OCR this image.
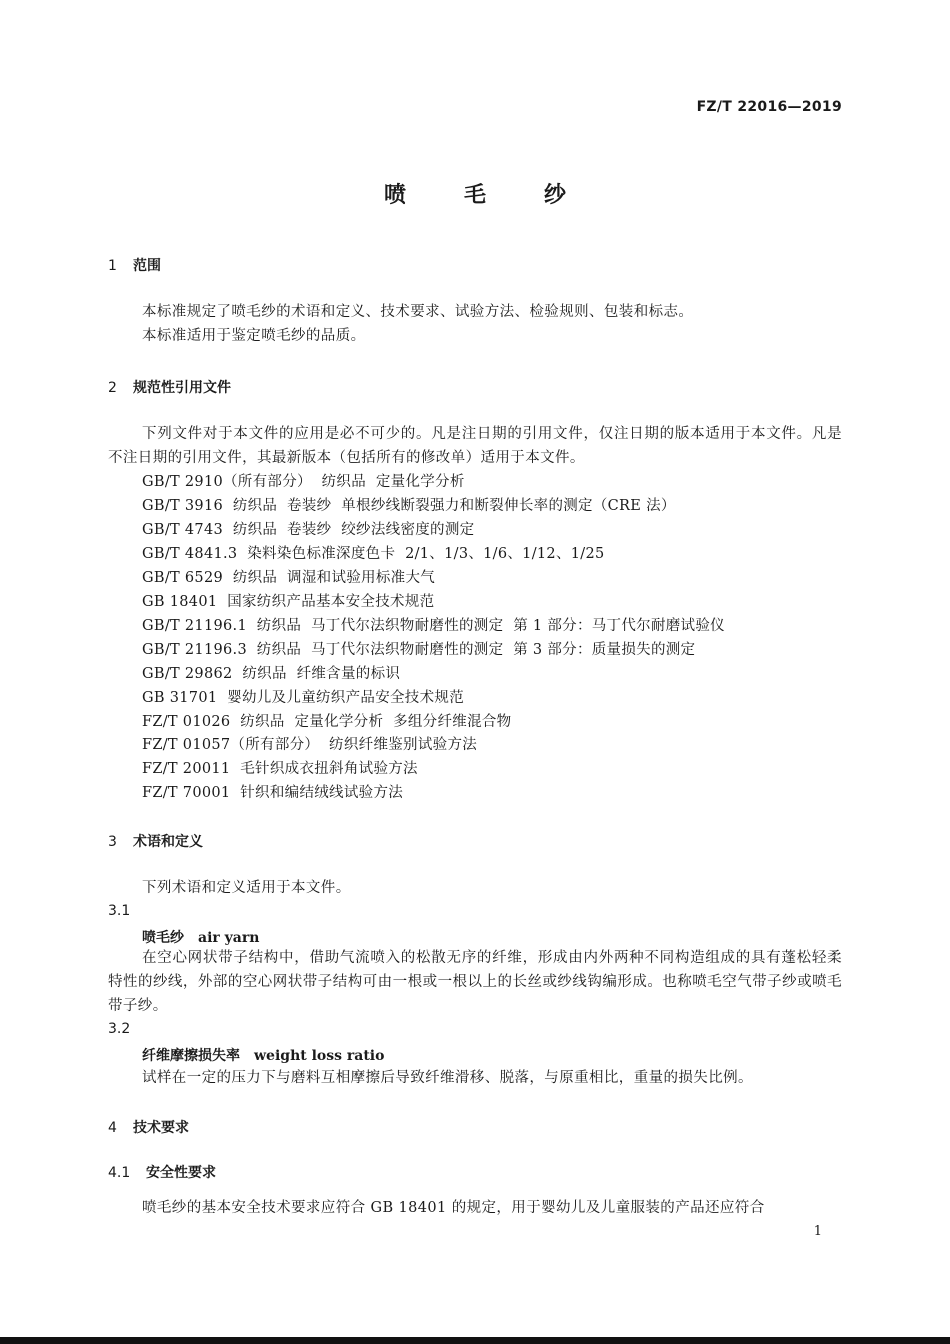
FZ/T 22016—2019
喷毛纱
1 范围
本标准规定了喷毛纱的术语和定义、技术要求、试验方法、检验规则、包装和标志。
本标准适用于鉴定喷毛纱的品质。
2 规范性引用文件
下列文件对于本文件的应用是必不可少的。凡是注日期的引用文件，仅注日期的版本适用于本文件。凡是不注日期的引用文件，其最新版本（包括所有的修改单）适用于本文件。
GB/T 2910（所有部分）  纺织品  定量化学分析
GB/T 3916  纺织品  卷装纱  单根纱线断裂强力和断裂伸长率的测定（CRE 法）
GB/T 4743  纺织品  卷装纱  绞纱法线密度的测定
GB/T 4841.3  染料染色标准深度色卡  2/1、1/3、1/6、1/12、1/25
GB/T 6529  纺织品  调湿和试验用标准大气
GB 18401  国家纺织产品基本安全技术规范
GB/T 21196.1  纺织品  马丁代尔法织物耐磨性的测定  第 1 部分：马丁代尔耐磨试验仪
GB/T 21196.3  纺织品  马丁代尔法织物耐磨性的测定  第 3 部分：质量损失的测定
GB/T 29862  纺织品  纤维含量的标识
GB 31701  婴幼儿及儿童纺织产品安全技术规范
FZ/T 01026  纺织品  定量化学分析  多组分纤维混合物
FZ/T 01057（所有部分）  纺织纤维鉴别试验方法
FZ/T 20011  毛针织成衣扭斜角试验方法
FZ/T 70001  针织和编结绒线试验方法
3 术语和定义
下列术语和定义适用于本文件。
3.1
喷毛纱 air yarn
在空心网状带子结构中，借助气流喷入的松散无序的纤维，形成由内外两种不同构造组成的具有蓬松轻柔特性的纱线，外部的空心网状带子结构可由一根或一根以上的长丝或纱线钩编形成。也称喷毛空气带子纱或喷毛带子纱。
3.2
纤维摩擦损失率 weight loss ratio
试样在一定的压力下与磨料互相摩擦后导致纤维滑移、脱落，与原重相比，重量的损失比例。
4 技术要求
4.1 安全性要求
喷毛纱的基本安全技术要求应符合 GB 18401 的规定，用于婴幼儿及儿童服装的产品还应符合
1
